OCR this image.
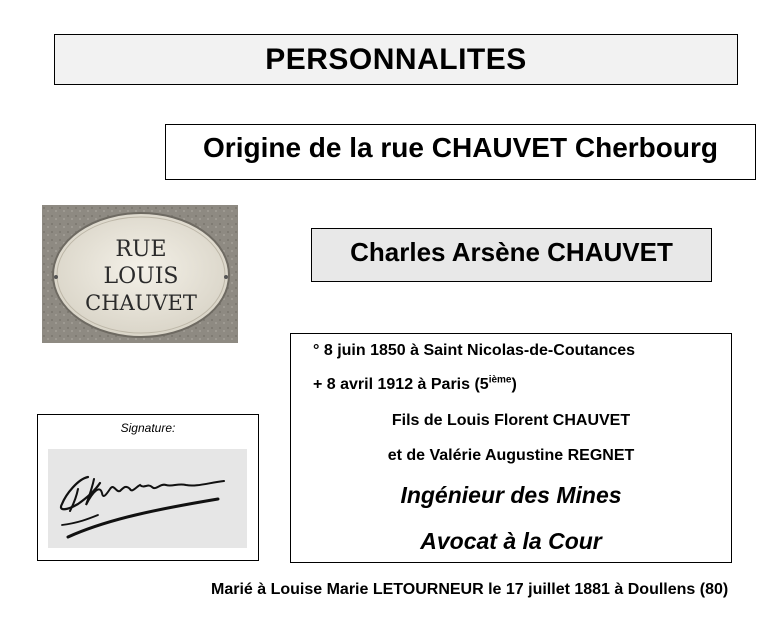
PERSONNALITES
Origine de la rue CHAUVET Cherbourg
RUE
LOUIS
CHAUVET
Charles Arsène CHAUVET
° 8 juin 1850 à Saint Nicolas-de-Coutances
+ 8 avril 1912 à Paris (5ième)
Fils de Louis Florent CHAUVET
et de Valérie Augustine REGNET
Ingénieur des Mines
Avocat à la Cour
Signature:
Marié à Louise Marie LETOURNEUR le 17 juillet 1881 à Doullens (80)
